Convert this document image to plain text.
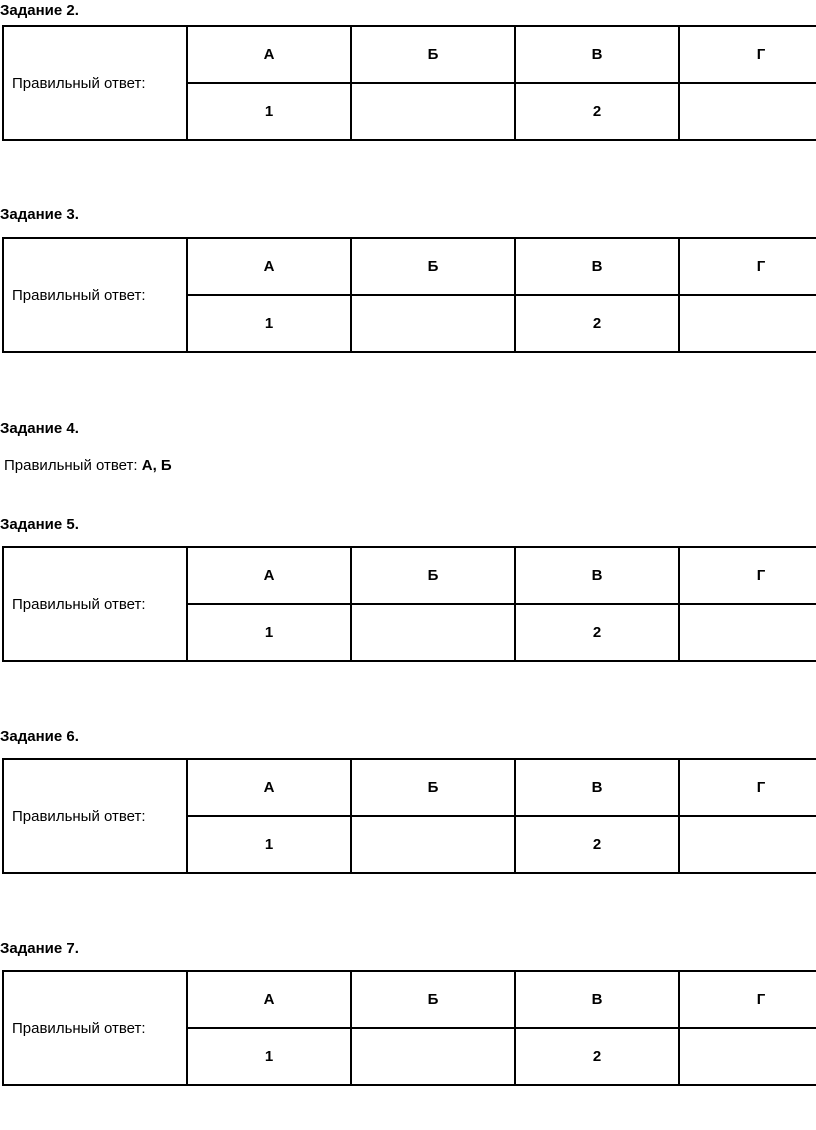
Задание 2.
Правильный ответ:	А	Б	В	Г
	1		2	
Задание 3.
Правильный ответ:	А	Б	В	Г
	1		2	
Задание 4.
Правильный ответ: А, Б
Задание 5.
Правильный ответ:	А	Б	В	Г
	1		2	
Задание 6.
Правильный ответ:	А	Б	В	Г
	1		2	
Задание 7.
Правильный ответ:	А	Б	В	Г
	1		2	
